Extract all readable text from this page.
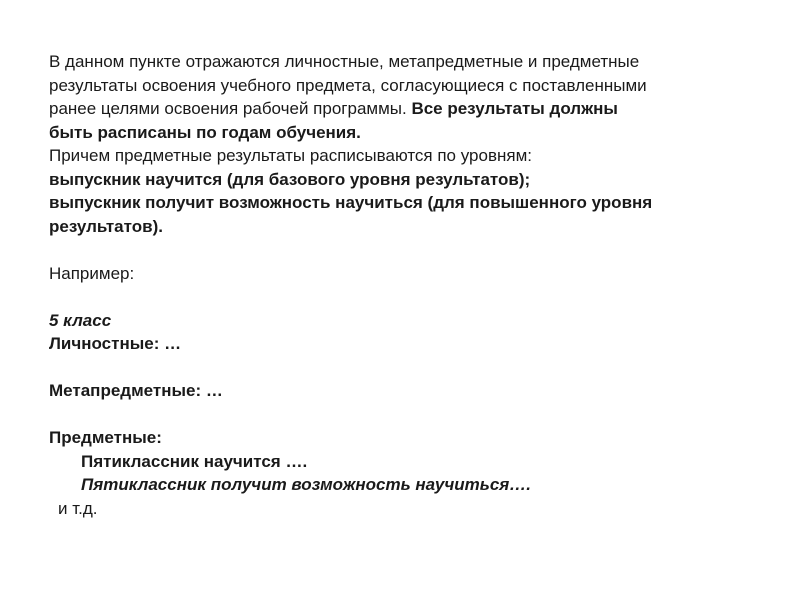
В данном пункте отражаются личностные, метапредметные и предметные
результаты освоения учебного предмета, согласующиеся с поставленными
ранее целями освоения рабочей программы. Все результаты должны
быть расписаны по годам обучения.
Причем предметные результаты расписываются по уровням:
выпускник научится (для базового уровня результатов);
выпускник получит возможность научиться (для повышенного уровня
результатов).
Например:
5 класс
Личностные: …
Метапредметные: …
Предметные:
Пятиклассник научится ….
Пятиклассник получит возможность научиться….
и т.д.
